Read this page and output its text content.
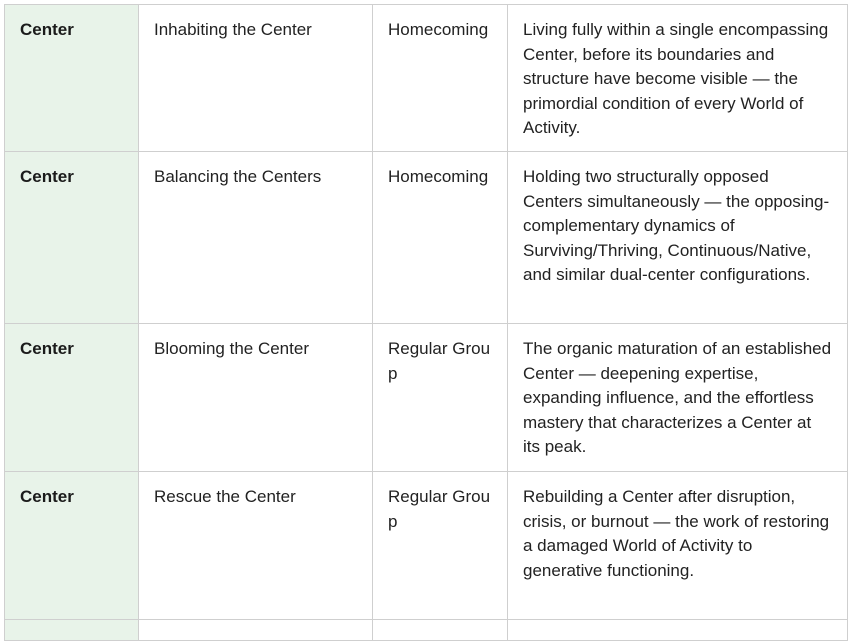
Center	Inhabiting the Center	Homecoming	Living fully within a single encompassing Center, before its boundaries and structure have become visible — the primordial condition of every World of Activity.
Center	Balancing the Centers	Homecoming	Holding two structurally opposed Centers simultaneously — the opposing-complementary dynamics of Surviving/Thriving, Continuous/Native, and similar dual-center configurations.
Center	Blooming the Center	Regular Group	The organic maturation of an established Center — deepening expertise, expanding influence, and the effortless mastery that characterizes a Center at its peak.
Center	Rescue the Center	Regular Group	Rebuilding a Center after disruption, crisis, or burnout — the work of restoring a damaged World of Activity to generative functioning.
